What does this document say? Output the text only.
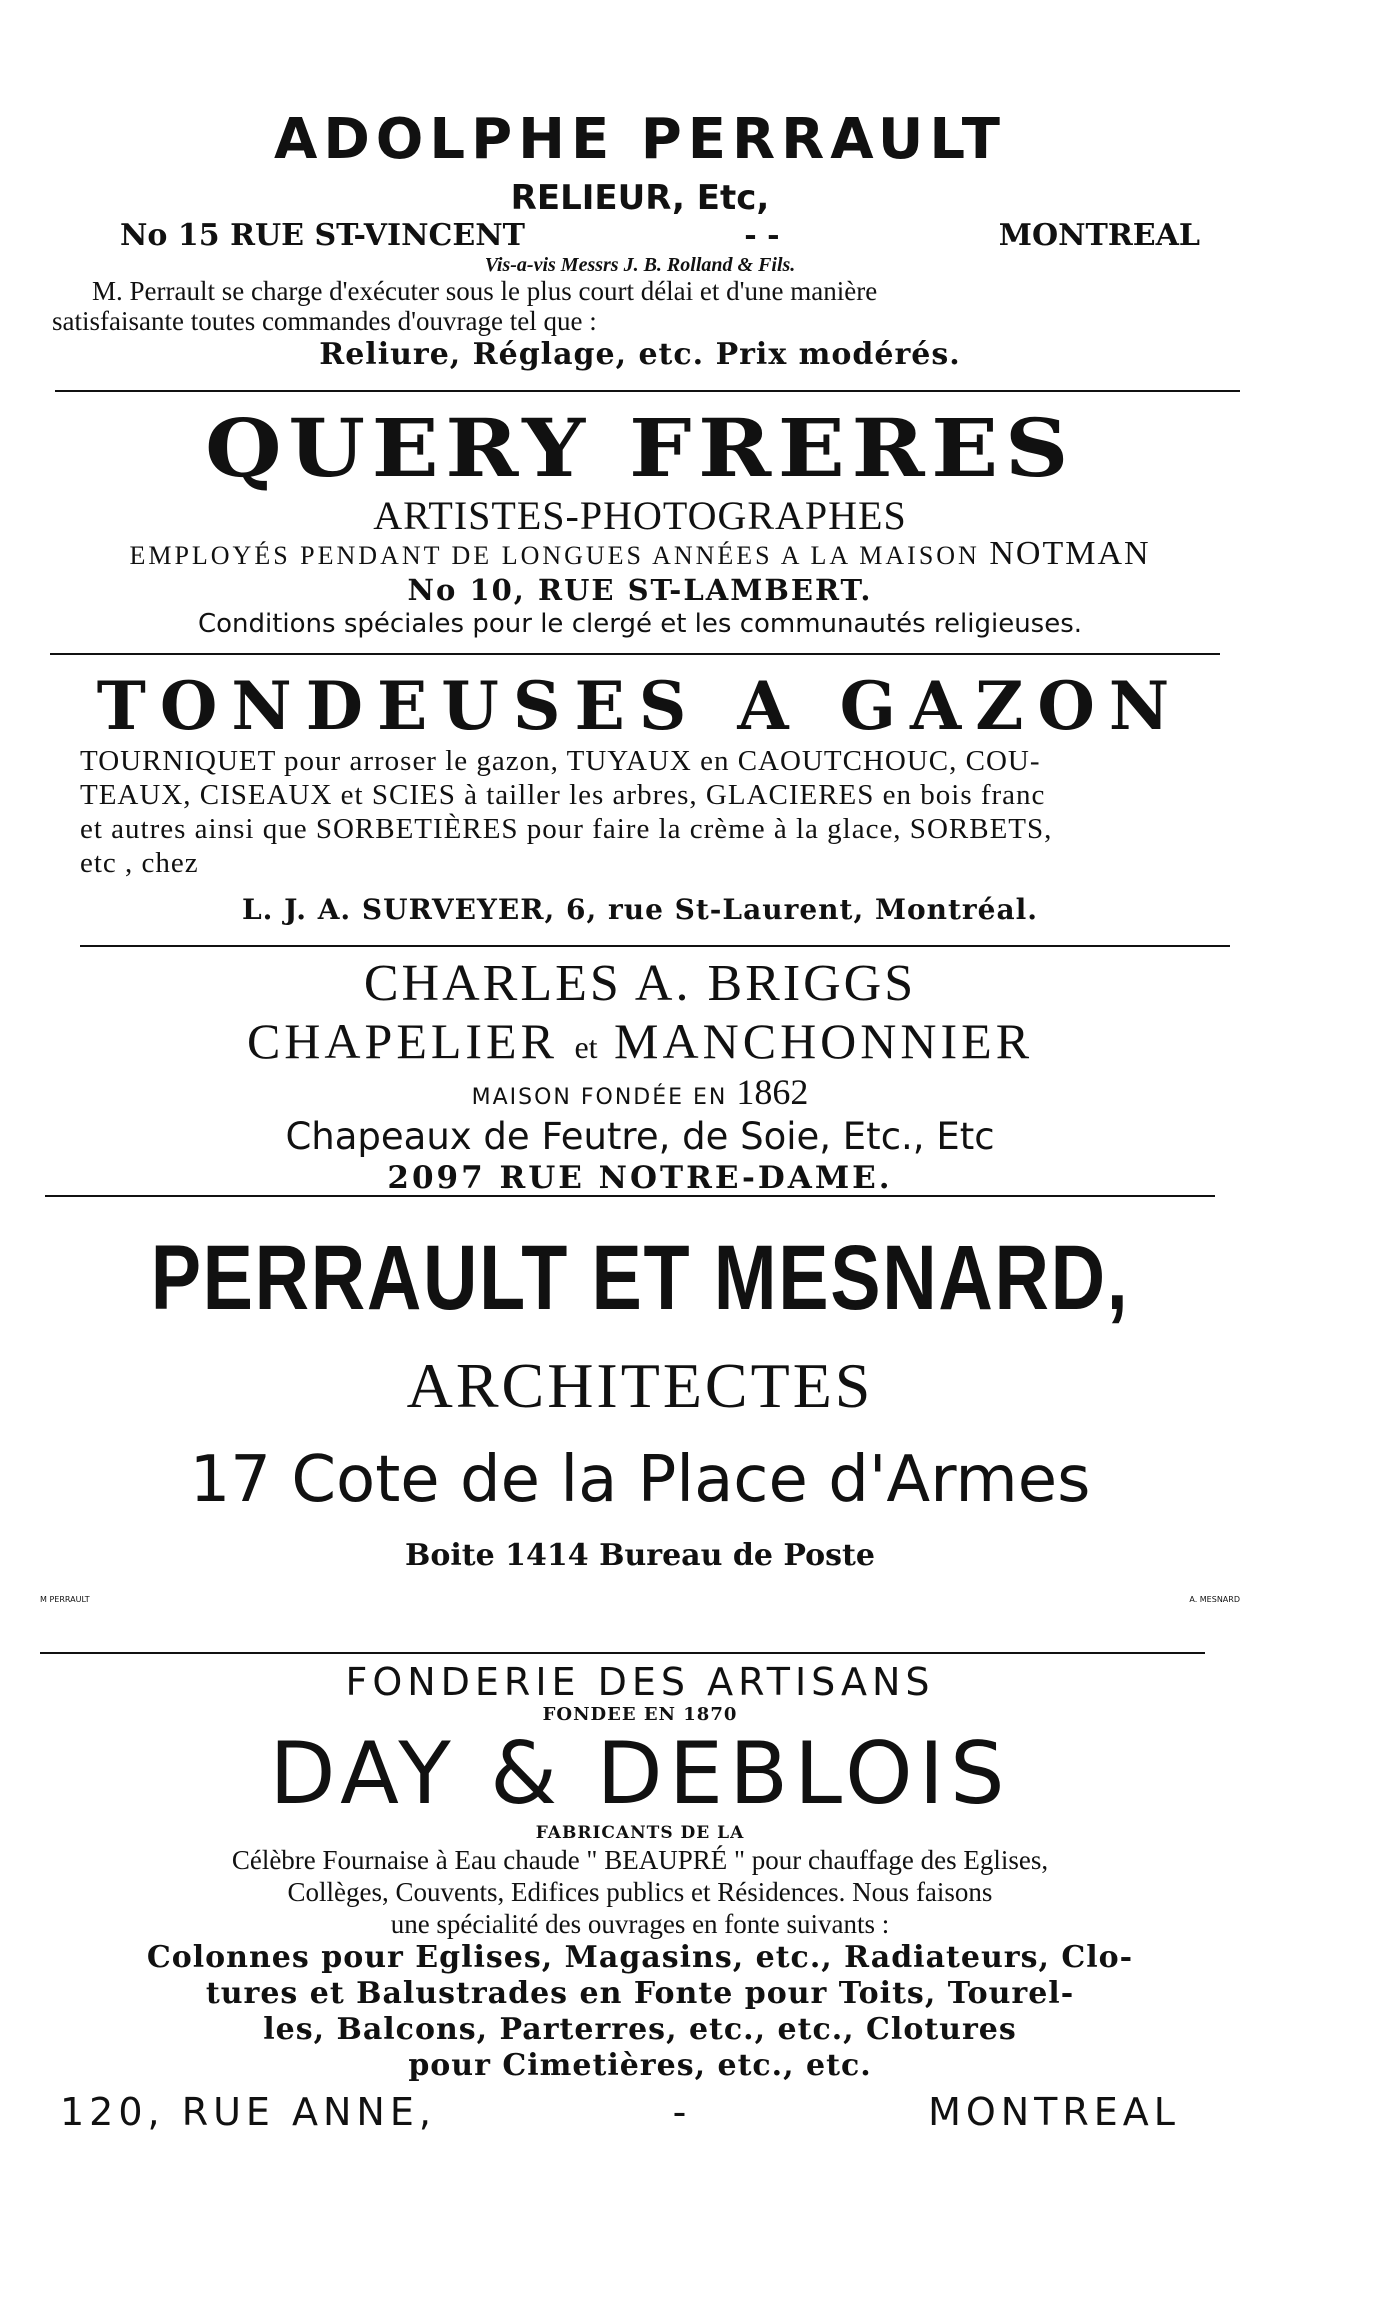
ADOLPHE PERRAULT
RELIEUR, Etc,
No 15 RUE ST-VINCENT	- -	MONTREAL
Vis-a-vis Messrs J. B. Rolland & Fils.
M. Perrault se charge d'exécuter sous le plus court délai et d'une manière
satisfaisante toutes commandes d'ouvrage tel que :
Reliure, Réglage, etc. Prix modérés.
QUERY FRERES
ARTISTES-PHOTOGRAPHES
EMPLOYÉS PENDANT DE LONGUES ANNÉES A LA MAISON NOTMAN
No 10, RUE ST-LAMBERT.
Conditions spéciales pour le clergé et les communautés religieuses.
TONDEUSES A GAZON
TOURNIQUET pour arroser le gazon, TUYAUX en CAOUTCHOUC, COU-
TEAUX, CISEAUX et SCIES à tailler les arbres, GLACIERES en bois franc
et autres ainsi que SORBETIÈRES pour faire la crème à la glace, SORBETS,
etc , chez
L. J. A. SURVEYER, 6, rue St-Laurent, Montréal.
CHARLES A. BRIGGS
CHAPELIER et MANCHONNIER
MAISON FONDÉE EN 1862
Chapeaux de Feutre, de Soie, Etc., Etc
2097 RUE NOTRE-DAME.
PERRAULT ET MESNARD,
ARCHITECTES
17 Cote de la Place d'Armes
Boite 1414 Bureau de Poste
M PERRAULT	A. MESNARD
FONDERIE DES ARTISANS
FONDEE EN 1870
DAY & DEBLOIS
FABRICANTS DE LA
Célèbre Fournaise à Eau chaude " BEAUPRÉ " pour chauffage des Eglises,
Collèges, Couvents, Edifices publics et Résidences. Nous faisons
une spécialité des ouvrages en fonte suivants :
Colonnes pour Eglises, Magasins, etc., Radiateurs, Clo-
tures et Balustrades en Fonte pour Toits, Tourel-
les, Balcons, Parterres, etc., etc., Clotures
pour Cimetières, etc., etc.
120, RUE ANNE,	-	MONTREAL
